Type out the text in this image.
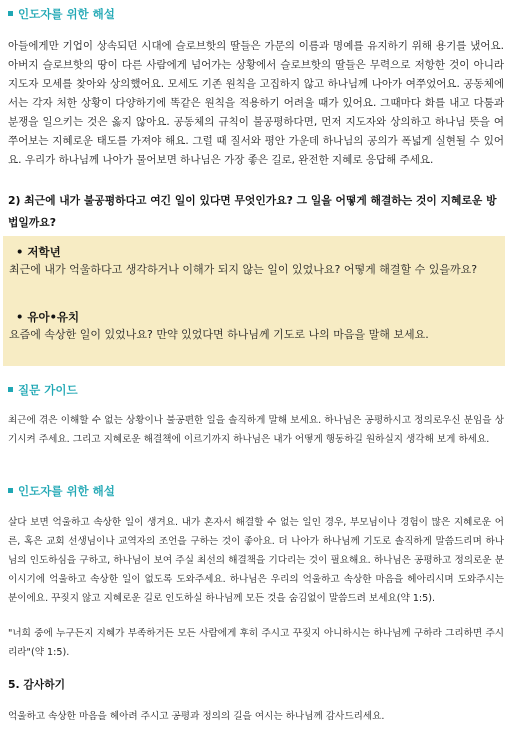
인도자를 위한 해설

아들에게만 기업이 상속되던 시대에 슬로브핫의 딸들은 가문의 이름과 명예를 유지하기 위해 용기를 냈어요. 아버지 슬로브핫의 땅이 다른 사람에게 넘어가는 상황에서 슬로브핫의 딸들은 무력으로 저항한 것이 아니라 지도자 모세를 찾아와 상의했어요. 모세도 기존 원칙을 고집하지 않고 하나님께 나아가 여쭈었어요. 공동체에서는 각자 처한 상황이 다양하기에 똑같은 원칙을 적용하기 어려울 때가 있어요. 그때마다 화를 내고 다툼과 분쟁을 일으키는 것은 옳지 않아요. 공동체의 규칙이 불공평하다면, 먼저 지도자와 상의하고 하나님 뜻을 여쭈어보는 지혜로운 태도를 가져야 해요. 그럴 때 질서와 평안 가운데 하나님의 공의가 폭넓게 실현될 수 있어요. 우리가 하나님께 나아가 물어보면 하나님은 가장 좋은 길로, 완전한 지혜로 응답해 주세요.

2) 최근에 내가 불공평하다고 여긴 일이 있다면 무엇인가요? 그 일을 어떻게 해결하는 것이 지혜로운 방법일까요?

• 저학년

최근에 내가 억울하다고 생각하거나 이해가 되지 않는 일이 있었나요? 어떻게 해결할 수 있을까요?

• 유아•유치

요즘에 속상한 일이 있었나요? 만약 있었다면 하나님께 기도로 나의 마음을 말해 보세요.

질문 가이드

최근에 겪은 이해할 수 없는 상황이나 불공편한 일을 솔직하게 말해 보세요. 하나님은 공평하시고 정의로우신 분임을 상기시켜 주세요. 그리고 지혜로운 해결책에 이르기까지 하나님은 내가 어떻게 행동하길 원하실지 생각해 보게 하세요.

인도자를 위한 해설

살다 보면 억울하고 속상한 일이 생겨요. 내가 혼자서 해결할 수 없는 일인 경우, 부모님이나 경험이 많은 지혜로운 어른, 혹은 교회 선생님이나 교역자의 조언을 구하는 것이 좋아요. 더 나아가 하나님께 기도로 솔직하게 말씀드리며 하나님의 인도하심을 구하고, 하나님이 보여 주실 최선의 해결책을 기다리는 것이 필요해요. 하나님은 공평하고 정의로운 분이시기에 억울하고 속상한 일이 없도록 도와주세요. 하나님은 우리의 억울하고 속상한 마음을 헤아리시며 도와주시는 분이에요. 꾸짖지 않고 지혜로운 길로 인도하실 하나님께 모든 것을 숨김없이 말씀드려 보세요(약 1:5).

"너희 중에 누구든지 지혜가 부족하거든 모든 사람에게 후히 주시고 꾸짖지 아니하시는 하나님께 구하라 그리하면 주시리라"(약 1:5).

5. 감사하기

억울하고 속상한 마음을 헤아려 주시고 공평과 정의의 길을 여시는 하나님께 감사드리세요.
